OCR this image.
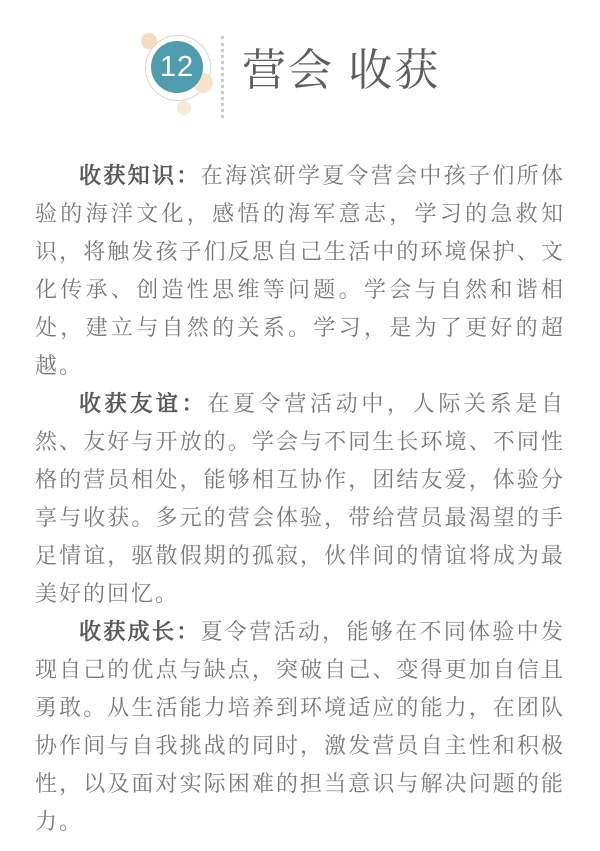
12 营会 收获

收获知识：在海滨研学夏令营会中孩子们所体验的海洋文化，感悟的海军意志，学习的急救知识，将触发孩子们反思自己生活中的环境保护、文化传承、创造性思维等问题。学会与自然和谐相处，建立与自然的关系。学习，是为了更好的超越。

收获友谊：在夏令营活动中，人际关系是自然、友好与开放的。学会与不同生长环境、不同性格的营员相处，能够相互协作，团结友爱，体验分享与收获。多元的营会体验，带给营员最渴望的手足情谊，驱散假期的孤寂，伙伴间的情谊将成为最美好的回忆。

收获成长：夏令营活动，能够在不同体验中发现自己的优点与缺点，突破自己、变得更加自信且勇敢。从生活能力培养到环境适应的能力，在团队协作间与自我挑战的同时，激发营员自主性和积极性，以及面对实际困难的担当意识与解决问题的能力。
